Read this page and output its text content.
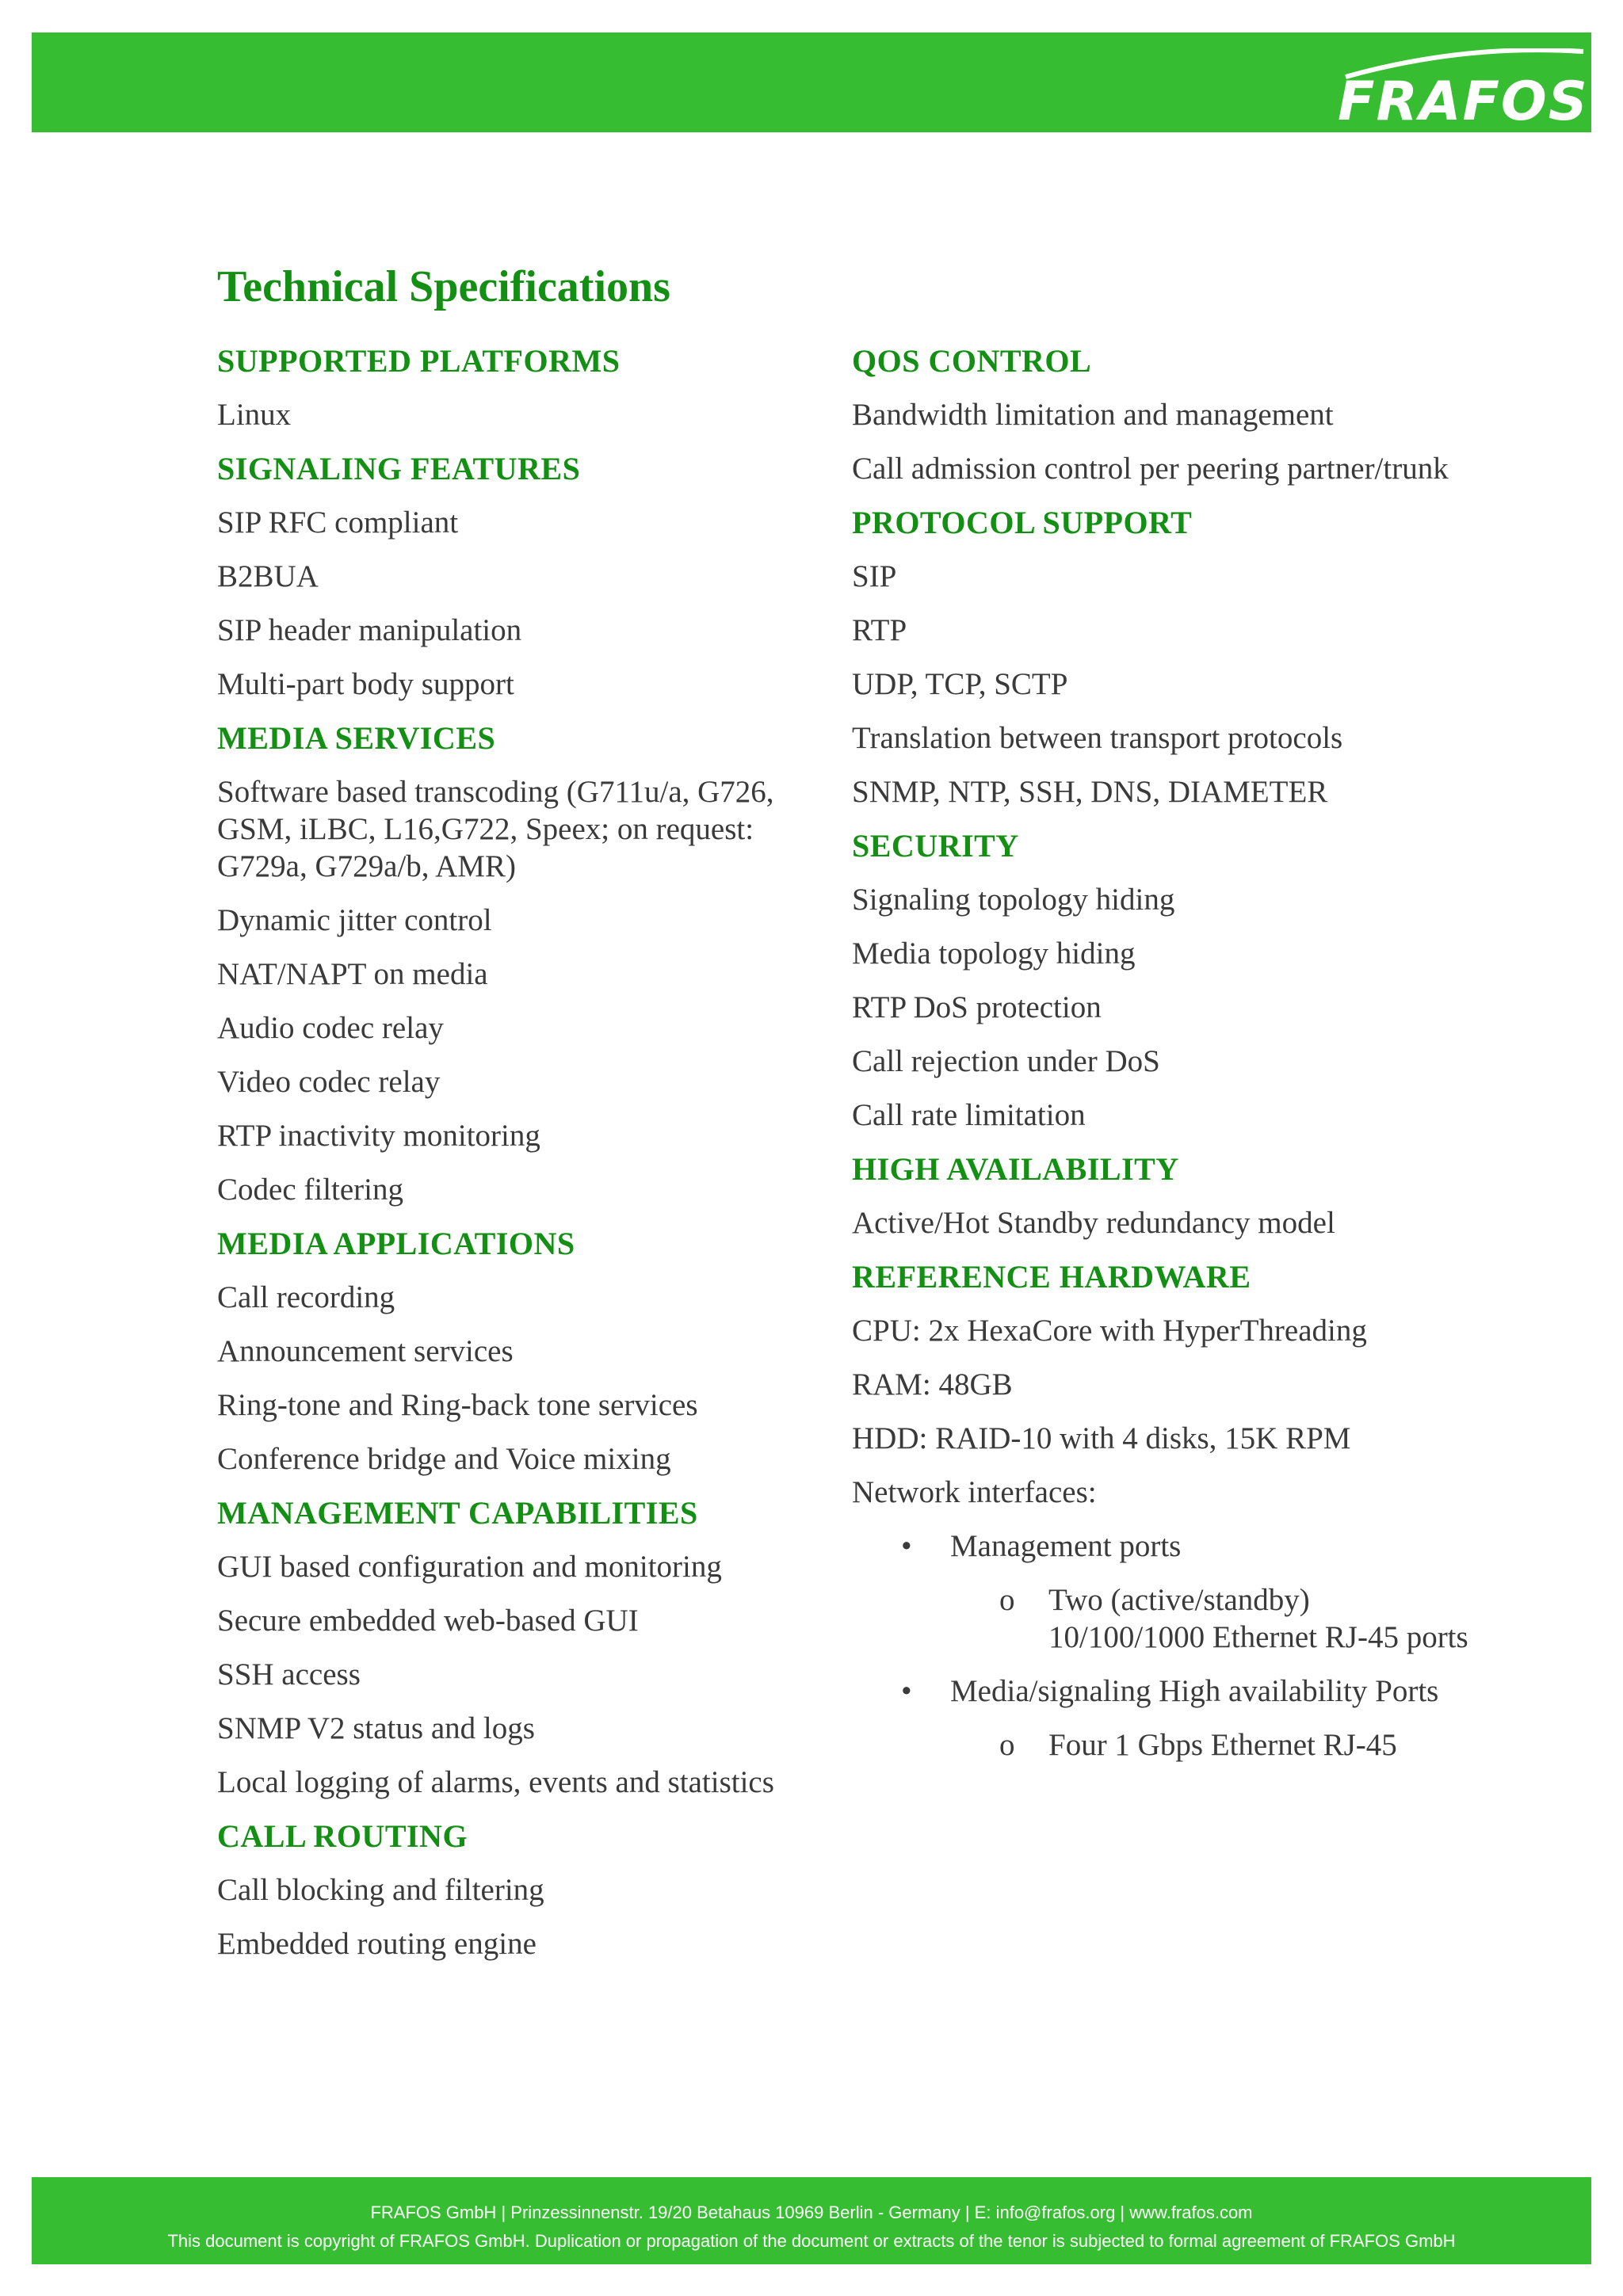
FRAFOS
Technical Specifications
SUPPORTED PLATFORMS
Linux
SIGNALING FEATURES
SIP RFC compliant
B2BUA
SIP header manipulation
Multi-part body support
MEDIA SERVICES
Software based transcoding (G711u/a, G726, GSM, iLBC, L16,G722, Speex; on request: G729a, G729a/b, AMR)
Dynamic jitter control
NAT/NAPT on media
Audio codec relay
Video codec relay
RTP inactivity monitoring
Codec filtering
MEDIA APPLICATIONS
Call recording
Announcement services
Ring-tone and Ring-back tone services
Conference bridge and Voice mixing
MANAGEMENT CAPABILITIES
GUI based configuration and monitoring
Secure embedded web-based GUI
SSH access
SNMP V2 status and logs
Local logging of alarms, events and statistics
CALL ROUTING
Call blocking and filtering
Embedded routing engine
QOS CONTROL
Bandwidth limitation and management
Call admission control per peering partner/trunk
PROTOCOL SUPPORT
SIP
RTP
UDP, TCP, SCTP
Translation between transport protocols
SNMP, NTP, SSH, DNS, DIAMETER
SECURITY
Signaling topology hiding
Media topology hiding
RTP DoS protection
Call rejection under DoS
Call rate limitation
HIGH AVAILABILITY
Active/Hot Standby redundancy model
REFERENCE HARDWARE
CPU: 2x HexaCore with HyperThreading
RAM: 48GB
HDD: RAID-10 with 4 disks, 15K RPM
Network interfaces:
• Management ports
o Two (active/standby) 10/100/1000 Ethernet RJ-45 ports
• Media/signaling High availability Ports
o Four 1 Gbps Ethernet RJ-45
FRAFOS GmbH | Prinzessinnenstr. 19/20 Betahaus 10969 Berlin - Germany | E: info@frafos.org | www.frafos.com
This document is copyright of FRAFOS GmbH. Duplication or propagation of the document or extracts of the tenor is subjected to formal agreement of FRAFOS GmbH
